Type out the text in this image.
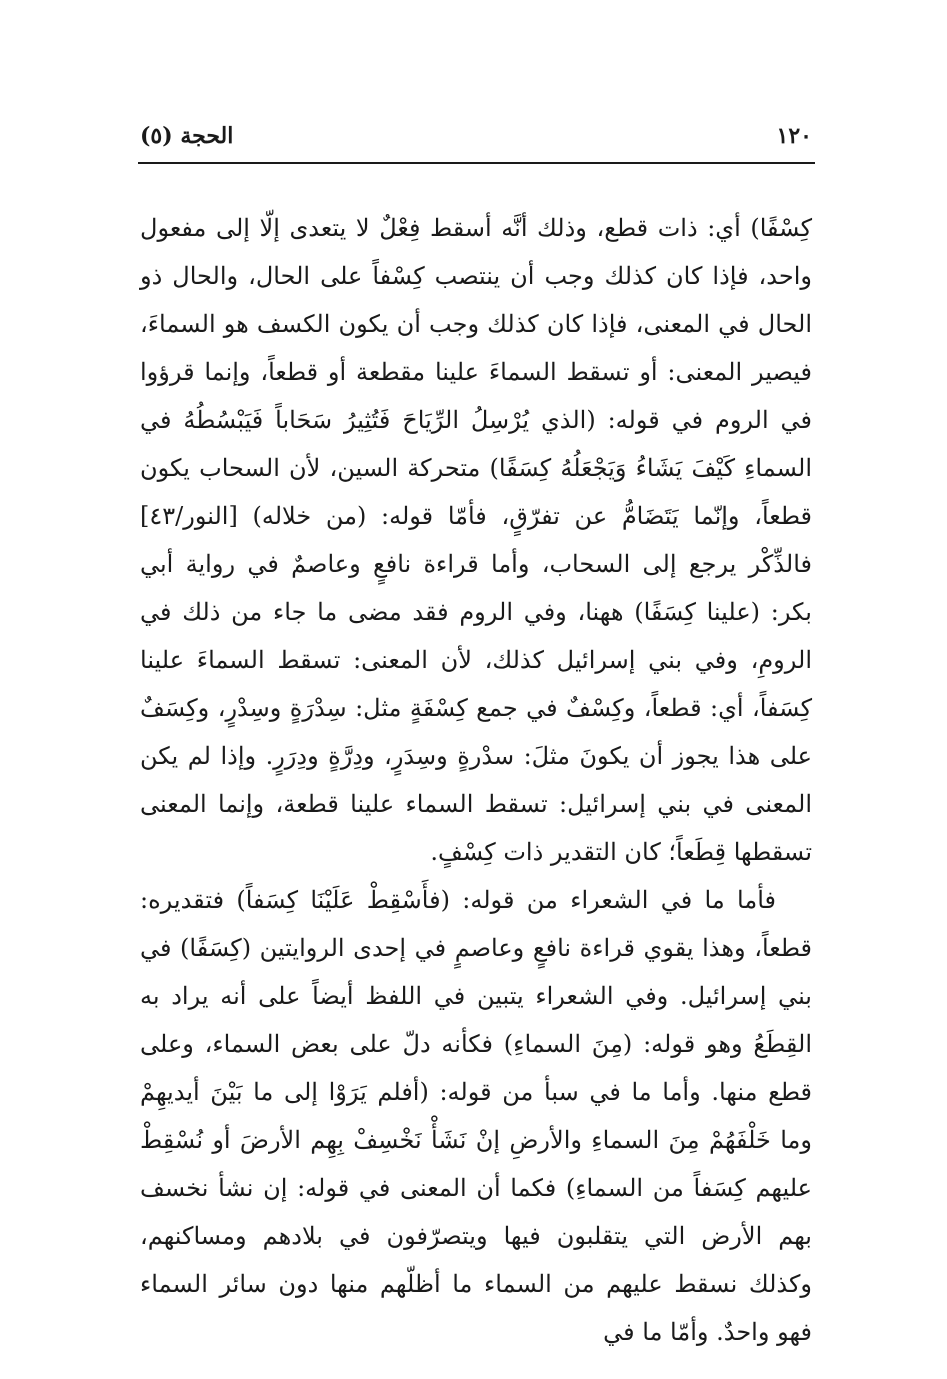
١٢٠
الحجة (٥)
كِسْفًا) أي: ذات قطع، وذلك أنَّه أسقط فِعْلٌ لا يتعدى إلّا إلى مفعول واحد، فإذا كان كذلك وجب أن ينتصب كِسْفاً على الحال، والحال ذو الحال في المعنى، فإذا كان كذلك وجب أن يكون الكسف هو السماءَ، فيصير المعنى: أو تسقط السماءَ علينا مقطعة أو قطعاً، وإنما قرؤوا في الروم في قوله: (الذي يُرْسِلُ الرِّيَاحَ فَتُثِيرُ سَحَاباً فَيَبْسُطُهُ في السماءِ كَيْفَ يَشَاءُ وَيَجْعَلُهُ كِسَفًا) متحركة السين، لأن السحاب يكون قطعاً، وإنّما يَتَضَامُّ عن تفرّقٍ، فأمّا قوله: (من خلاله) [النور/٤٣] فالذِّكْر يرجع إلى السحاب، وأما قراءة نافعٍ وعاصمٌ في رواية أبي بكر: (علينا كِسَفًا) ههنا، وفي الروم فقد مضى ما جاء من ذلك في الرومِ، وفي بني إسرائيل كذلك، لأن المعنى: تسقط السماءَ علينا كِسَفاً، أي: قطعاً، وكِسْفٌ في جمع كِسْفَةٍ مثل: سِدْرَةٍ وسِدْرٍ، وكِسَفٌ على هذا يجوز أن يكونَ مثلَ: سدْرةٍ وسِدَرٍ، ودِرَّةٍ ودِرَرٍ. وإذا لم يكن المعنى في بني إسرائيل: تسقط السماء علينا قطعة، وإنما المعنى تسقطها قِطَعاً؛ كان التقدير ذات كِسْفٍ.
فأما ما في الشعراء من قوله: (فأَسْقِطْ عَلَيْنَا كِسَفاً) فتقديره: قطعاً، وهذا يقوي قراءة نافعٍ وعاصمٍ في إحدى الروايتين (كِسَفًا) في بني إسرائيل. وفي الشعراء يتبين في اللفظ أيضاً على أنه يراد به القِطَعُ وهو قوله: (مِنَ السماءِ) فكأنه دلّ على بعض السماء، وعلى قطع منها. وأما ما في سبأ من قوله: (أفلم يَرَوْا إلى ما بَيْنَ أيديهِمْ وما خَلْفَهُمْ مِنَ السماءِ والأرضِ إنْ نَشَأْ نَخْسِفْ بِهِم الأرضَ أو نُسْقِطْ عليهم كِسَفاً من السماءِ) فكما أن المعنى في قوله: إن نشأ نخسف بهم الأرض التي يتقلبون فيها ويتصرّفون في بلادهم ومساكنهم، وكذلك نسقط عليهم من السماء ما أظلّهم منها دون سائر السماء فهو واحدٌ. وأمّا ما في
